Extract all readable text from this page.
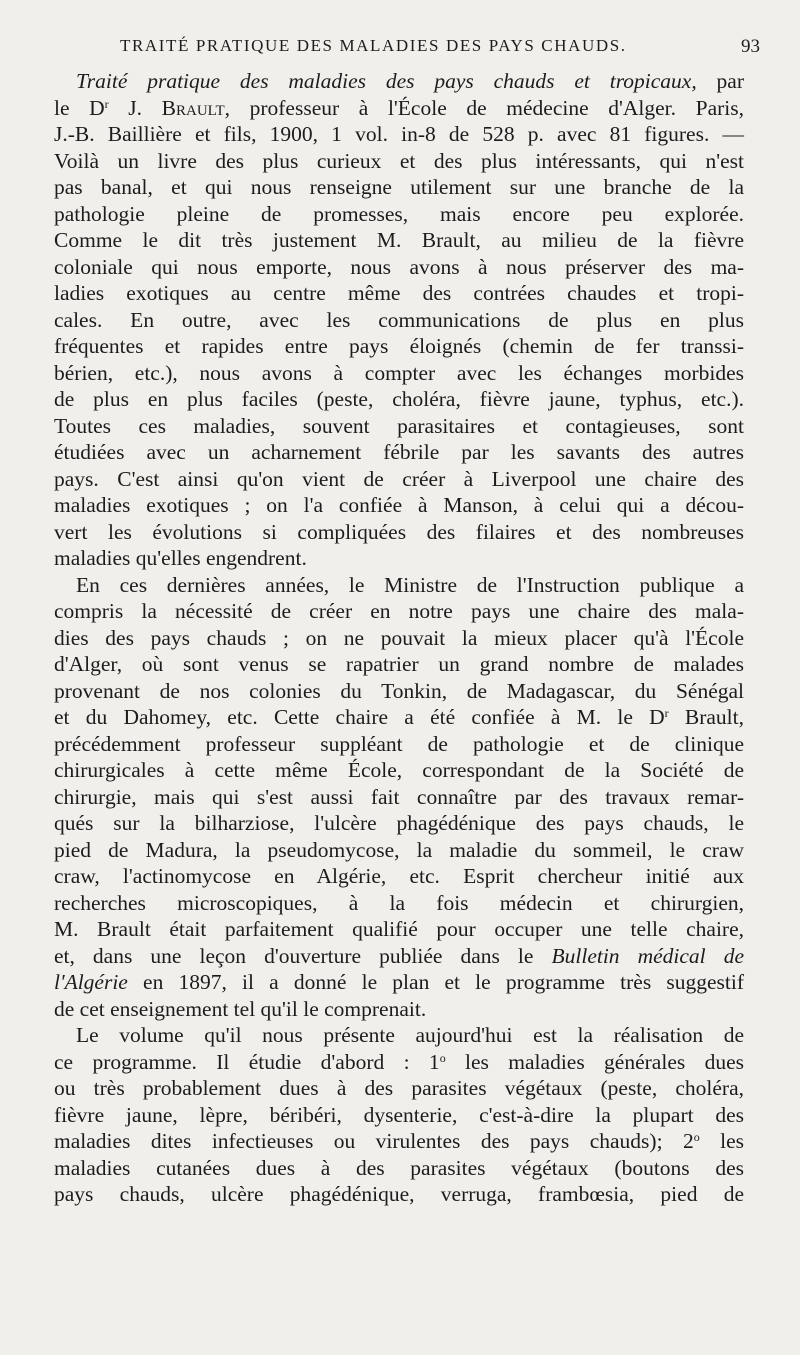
TRAITÉ PRATIQUE DES MALADIES DES PAYS CHAUDS.	93
Traité pratique des maladies des pays chauds et tropicaux, par
le $D^r$ J. Brault, professeur à l'École de médecine d'Alger. Paris,
J.-B. Baillière et fils, 1900, 1 vol. in-8 de 528 p. avec 81 figures. —
Voilà un livre des plus curieux et des plus intéressants, qui n'est
pas banal, et qui nous renseigne utilement sur une branche de la
pathologie pleine de promesses, mais encore peu explorée.
Comme le dit très justement M. Brault, au milieu de la fièvre
coloniale qui nous emporte, nous avons à nous préserver des ma-
ladies exotiques au centre même des contrées chaudes et tropi-
cales. En outre, avec les communications de plus en plus
fréquentes et rapides entre pays éloignés (chemin de fer transsi-
bérien, etc.), nous avons à compter avec les échanges morbides
de plus en plus faciles (peste, choléra, fièvre jaune, typhus, etc.).
Toutes ces maladies, souvent parasitaires et contagieuses, sont
étudiées avec un acharnement fébrile par les savants des autres
pays. C'est ainsi qu'on vient de créer à Liverpool une chaire des
maladies exotiques ; on l'a confiée à Manson, à celui qui a décou-
vert les évolutions si compliquées des filaires et des nombreuses
maladies qu'elles engendrent.
En ces dernières années, le Ministre de l'Instruction publique a
compris la nécessité de créer en notre pays une chaire des mala-
dies des pays chauds ; on ne pouvait la mieux placer qu'à l'École
d'Alger, où sont venus se rapatrier un grand nombre de malades
provenant de nos colonies du Tonkin, de Madagascar, du Sénégal
et du Dahomey, etc. Cette chaire a été confiée à M. le $D^r$ Brault,
précédemment professeur suppléant de pathologie et de clinique
chirurgicales à cette même École, correspondant de la Société de
chirurgie, mais qui s'est aussi fait connaître par des travaux remar-
qués sur la bilharziose, l'ulcère phagédénique des pays chauds, le
pied de Madura, la pseudomycose, la maladie du sommeil, le craw
craw, l'actinomycose en Algérie, etc. Esprit chercheur initié aux
recherches microscopiques, à la fois médecin et chirurgien,
M. Brault était parfaitement qualifié pour occuper une telle chaire,
et, dans une leçon d'ouverture publiée dans le Bulletin médical de
l'Algérie en 1897, il a donné le plan et le programme très suggestif
de cet enseignement tel qu'il le comprenait.
Le volume qu'il nous présente aujourd'hui est la réalisation de
ce programme. Il étudie d'abord : 1$^o$ les maladies générales dues
ou très probablement dues à des parasites végétaux (peste, choléra,
fièvre jaune, lèpre, béribéri, dysenterie, c'est-à-dire la plupart des
maladies dites infectieuses ou virulentes des pays chauds); 2$^o$ les
maladies cutanées dues à des parasites végétaux (boutons des
pays chauds, ulcère phagédénique, verruga, frambœsia, pied de
